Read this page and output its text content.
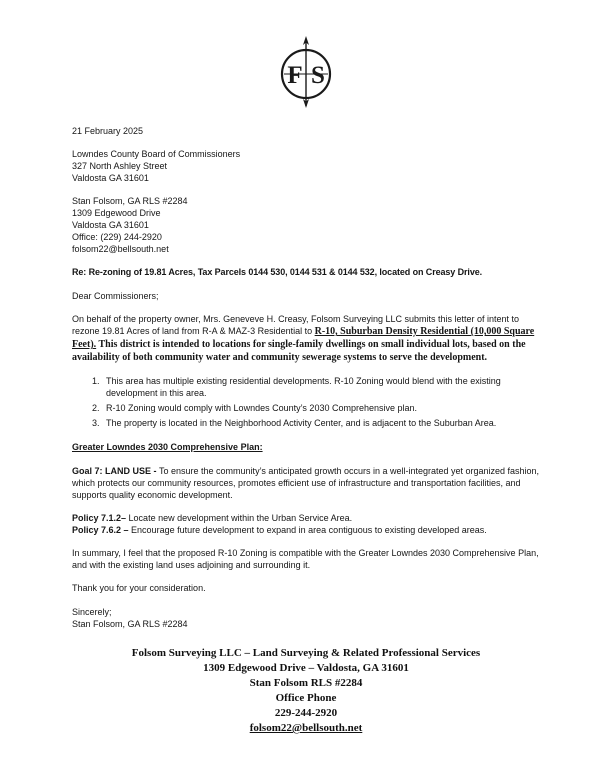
F S
21 February 2025
Lowndes County Board of Commissioners
327 North Ashley Street
Valdosta GA 31601
Stan Folsom, GA RLS #2284
1309 Edgewood Drive
Valdosta GA 31601
Office: (229) 244-2920
folsom22@bellsouth.net
Re: Re-zoning of 19.81 Acres, Tax Parcels 0144 530, 0144 531 & 0144 532, located on Creasy Drive.
Dear Commissioners;

On behalf of the property owner, Mrs. Geneveve H. Creasy, Folsom Surveying LLC submits this letter of intent to rezone 19.81 Acres of land from R-A & MAZ-3 Residential to R-10, Suburban Density Residential (10,000 Square Feet). This district is intended to locations for single-family dwellings on small individual lots, based on the availability of both community water and community sewerage systems to serve the development.

1. This area has multiple existing residential developments. R-10 Zoning would blend with the existing development in this area.
2. R-10 Zoning would comply with Lowndes County’s 2030 Comprehensive plan.
3. The property is located in the Neighborhood Activity Center, and is adjacent to the Suburban Area.
Greater Lowndes 2030 Comprehensive Plan:

Goal 7: LAND USE - To ensure the community’s anticipated growth occurs in a well-integrated yet organized fashion, which protects our community resources, promotes efficient use of infrastructure and transportation facilities, and supports quality economic development.

Policy 7.1.2– Locate new development within the Urban Service Area.
Policy 7.6.2 – Encourage future development to expand in area contiguous to existing developed areas.

In summary, I feel that the proposed R-10 Zoning is compatible with the Greater Lowndes 2030 Comprehensive Plan, and with the existing land uses adjoining and surrounding it.

Thank you for your consideration.

Sincerely;
Stan Folsom, GA RLS #2284
Folsom Surveying LLC – Land Surveying & Related Professional Services
1309 Edgewood Drive – Valdosta, GA 31601
Stan Folsom RLS #2284
Office Phone
229-244-2920
folsom22@bellsouth.net
